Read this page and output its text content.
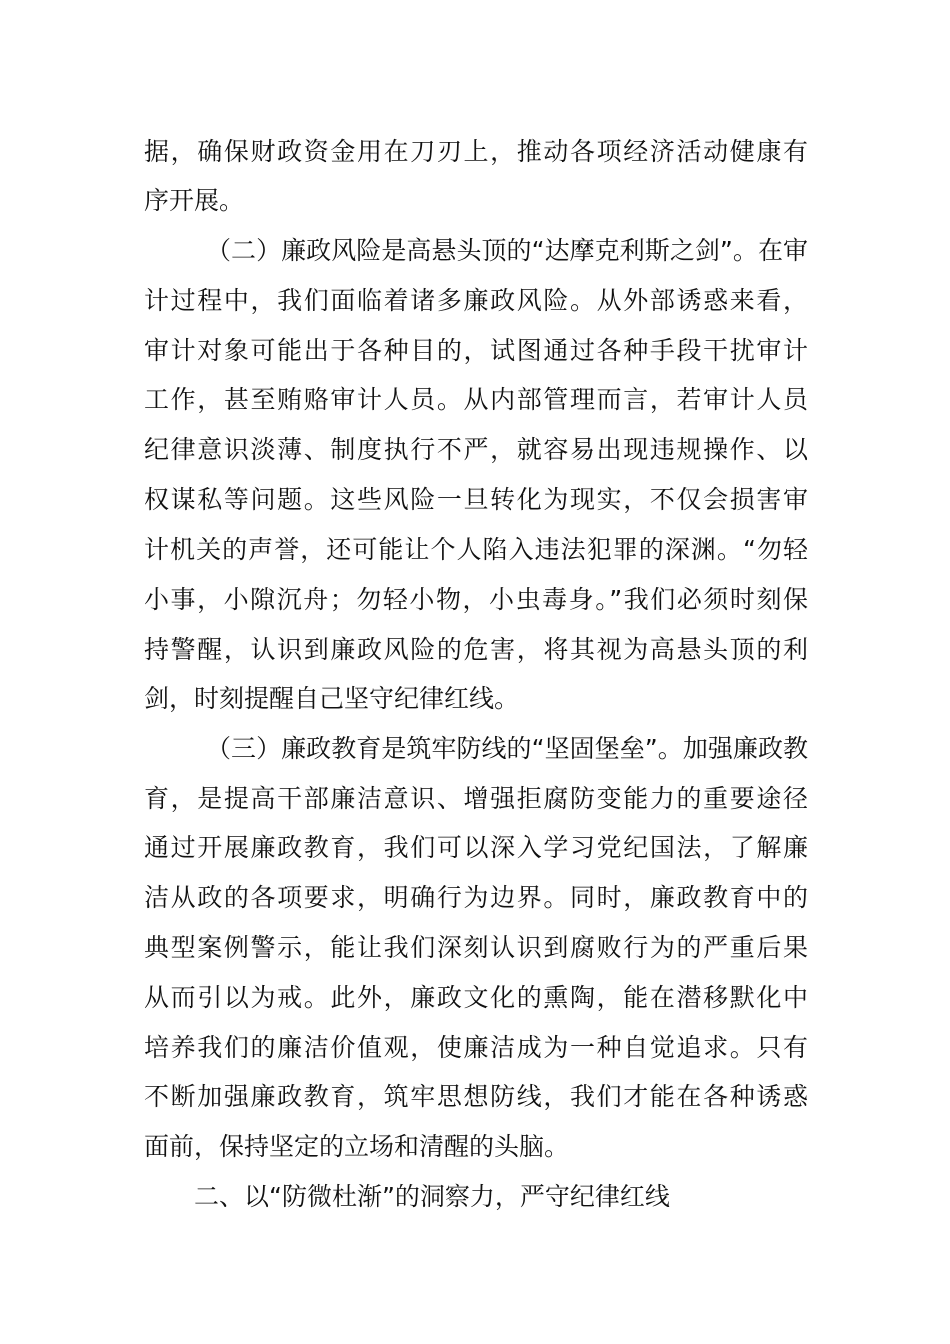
据，确保财政资金用在刀刃上，推动各项经济活动健康有
序开展。
（二）廉政风险是高悬头顶的“达摩克利斯之剑”。在审
计过程中，我们面临着诸多廉政风险。从外部诱惑来看，
审计对象可能出于各种目的，试图通过各种手段干扰审计
工作，甚至贿赂审计人员。从内部管理而言，若审计人员
纪律意识淡薄、制度执行不严，就容易出现违规操作、以
权谋私等问题。这些风险一旦转化为现实，不仅会损害审
计机关的声誉，还可能让个人陷入违法犯罪的深渊。“勿轻
小事，小隙沉舟；勿轻小物，小虫毒身。”我们必须时刻保
持警醒，认识到廉政风险的危害，将其视为高悬头顶的利
剑，时刻提醒自己坚守纪律红线。
（三）廉政教育是筑牢防线的“坚固堡垒”。加强廉政教
育，是提高干部廉洁意识、增强拒腐防变能力的重要途径
通过开展廉政教育，我们可以深入学习党纪国法，了解廉
洁从政的各项要求，明确行为边界。同时，廉政教育中的
典型案例警示，能让我们深刻认识到腐败行为的严重后果
从而引以为戒。此外，廉政文化的熏陶，能在潜移默化中
培养我们的廉洁价值观，使廉洁成为一种自觉追求。只有
不断加强廉政教育，筑牢思想防线，我们才能在各种诱惑
面前，保持坚定的立场和清醒的头脑。
二、以“防微杜渐”的洞察力，严守纪律红线
